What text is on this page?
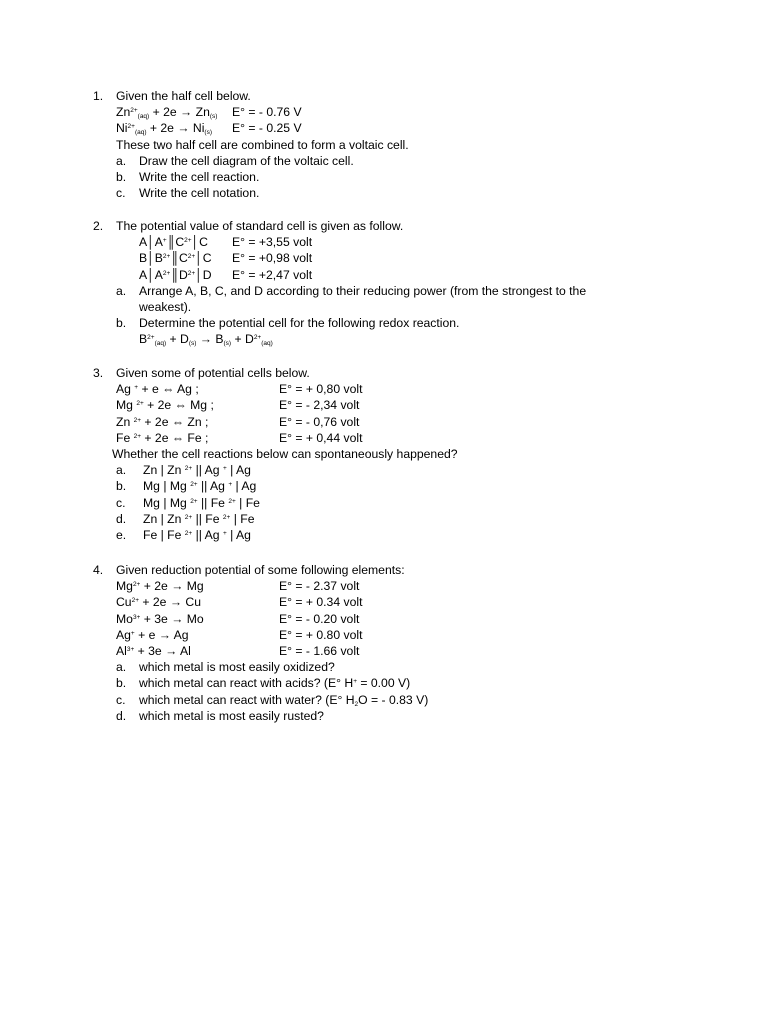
1. Given the half cell below.
$Zn^{2+}_{(aq)} + 2e \to Zn_{(s)}$ E° = - 0.76 V
$Ni^{2+}_{(aq)} + 2e \to Ni_{(s)}$ E° = - 0.25 V
These two half cell are combined to form a voltaic cell.
a. Draw the cell diagram of the voltaic cell.
b. Write the cell reaction.
c. Write the cell notation.
2. The potential value of standard cell is given as follow.
$A│A^+║C^{2+}│C$ E° = +3,55 volt
$B│B^{2+}║C^{2+}│C$ E° = +0,98 volt
$A│A^{2+}║D^{2+}│D$ E° = +2,47 volt
a. Arrange A, B, C, and D according to their reducing power (from the strongest to the
weakest).
b. Determine the potential cell for the following redox reaction.
$B^{2+}_{(aq)} + D_{(s)} \to B_{(s)} + D^{2+}_{(aq)}$
3. Given some of potential cells below.
Ag + + e ⇔ Ag ;	E° = + 0,80 volt
Mg $^{2+}$ + 2e ⇔ Mg ;	E° = - 2,34 volt
Zn $^{2+}$ + 2e ⇔ Zn ;	E° = - 0,76 volt
Fe $^{2+}$ + 2e ⇔ Fe ;	E° = + 0,44 volt
Whether the cell reactions below can spontaneously happened?
a. Zn | Zn $^{2+}$ || Ag + | Ag
b. Mg | Mg $^{2+}$ || Ag + | Ag
c. Mg | Mg $^{2+}$ || Fe $^{2+}$ | Fe
d. Zn | Zn $^{2+}$ || Fe $^{2+}$ | Fe
e. Fe | Fe $^{2+}$ || Ag + | Ag
4. Given reduction potential of some following elements:
$Mg^{2+} + 2e \to Mg$	E° = - 2.37 volt
$Cu^{2+} + 2e \to Cu$	E° = + 0.34 volt
$Mo^{3+} + 3e \to Mo$	E° = - 0.20 volt
Ag+ + e → Ag	E° = + 0.80 volt
$Al^{3+} + 3e \to Al$	E° = - 1.66 volt
a. which metal is most easily oxidized?
b. which metal can react with acids? (E° H+ = 0.00 V)
c. which metal can react with water? (E° $H_2O$ = - 0.83 V)
d. which metal is most easily rusted?
